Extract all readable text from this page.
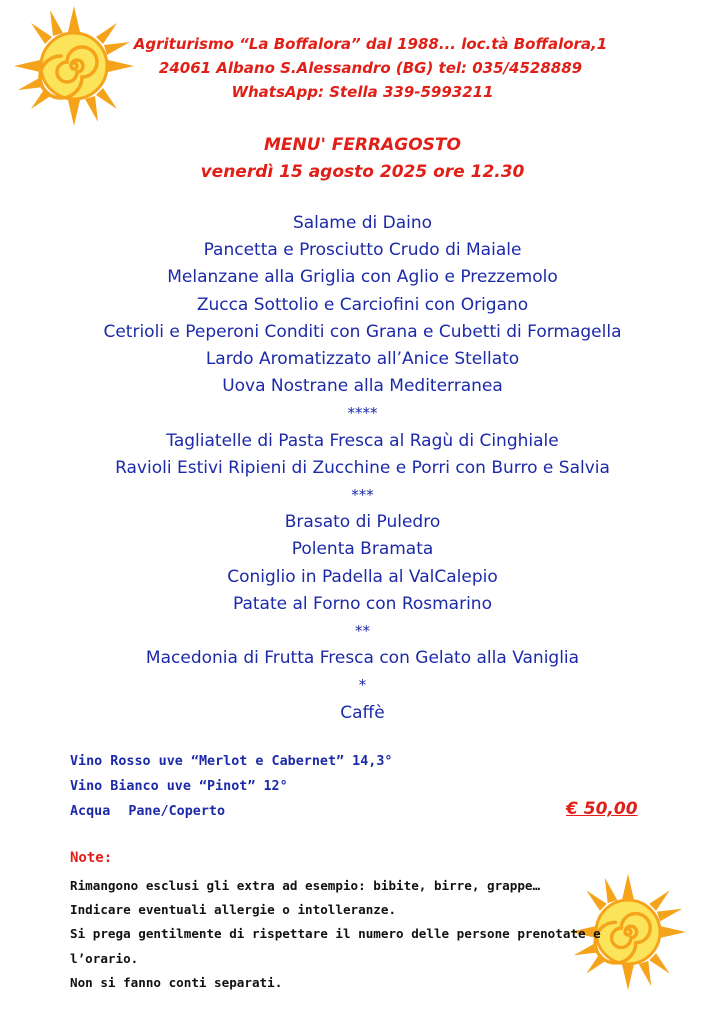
Agriturismo “La Boffalora” dal 1988... loc.tà Boffalora,1
24061 Albano S.Alessandro (BG) tel: 035/4528889
WhatsApp: Stella 339-5993211
MENU' FERRAGOSTO
venerdì 15 agosto 2025 ore 12.30
Salame di Daino
Pancetta e Prosciutto Crudo di Maiale
Melanzane alla Griglia con Aglio e Prezzemolo
Zucca Sottolio e Carciofini con Origano
Cetrioli e Peperoni Conditi con Grana e Cubetti di Formagella
Lardo Aromatizzato all’Anice Stellato
Uova Nostrane alla Mediterranea
****
Tagliatelle di Pasta Fresca al Ragù di Cinghiale
Ravioli Estivi Ripieni di Zucchine e Porri con Burro e Salvia
***
Brasato di Puledro
Polenta Bramata
Coniglio in Padella al ValCalepio
Patate al Forno con Rosmarino
**
Macedonia di Frutta Fresca con Gelato alla Vaniglia
*
Caffè
Vino Rosso uve “Merlot e Cabernet” 14,3°
Vino Bianco uve “Pinot” 12°
Acqua Pane/Coperto	€ 50,00
Note:
Rimangono esclusi gli extra ad esempio: bibite, birre, grappe…
Indicare eventuali allergie o intolleranze.
Si prega gentilmente di rispettare il numero delle persone prenotate e
l’orario.
Non si fanno conti separati.
